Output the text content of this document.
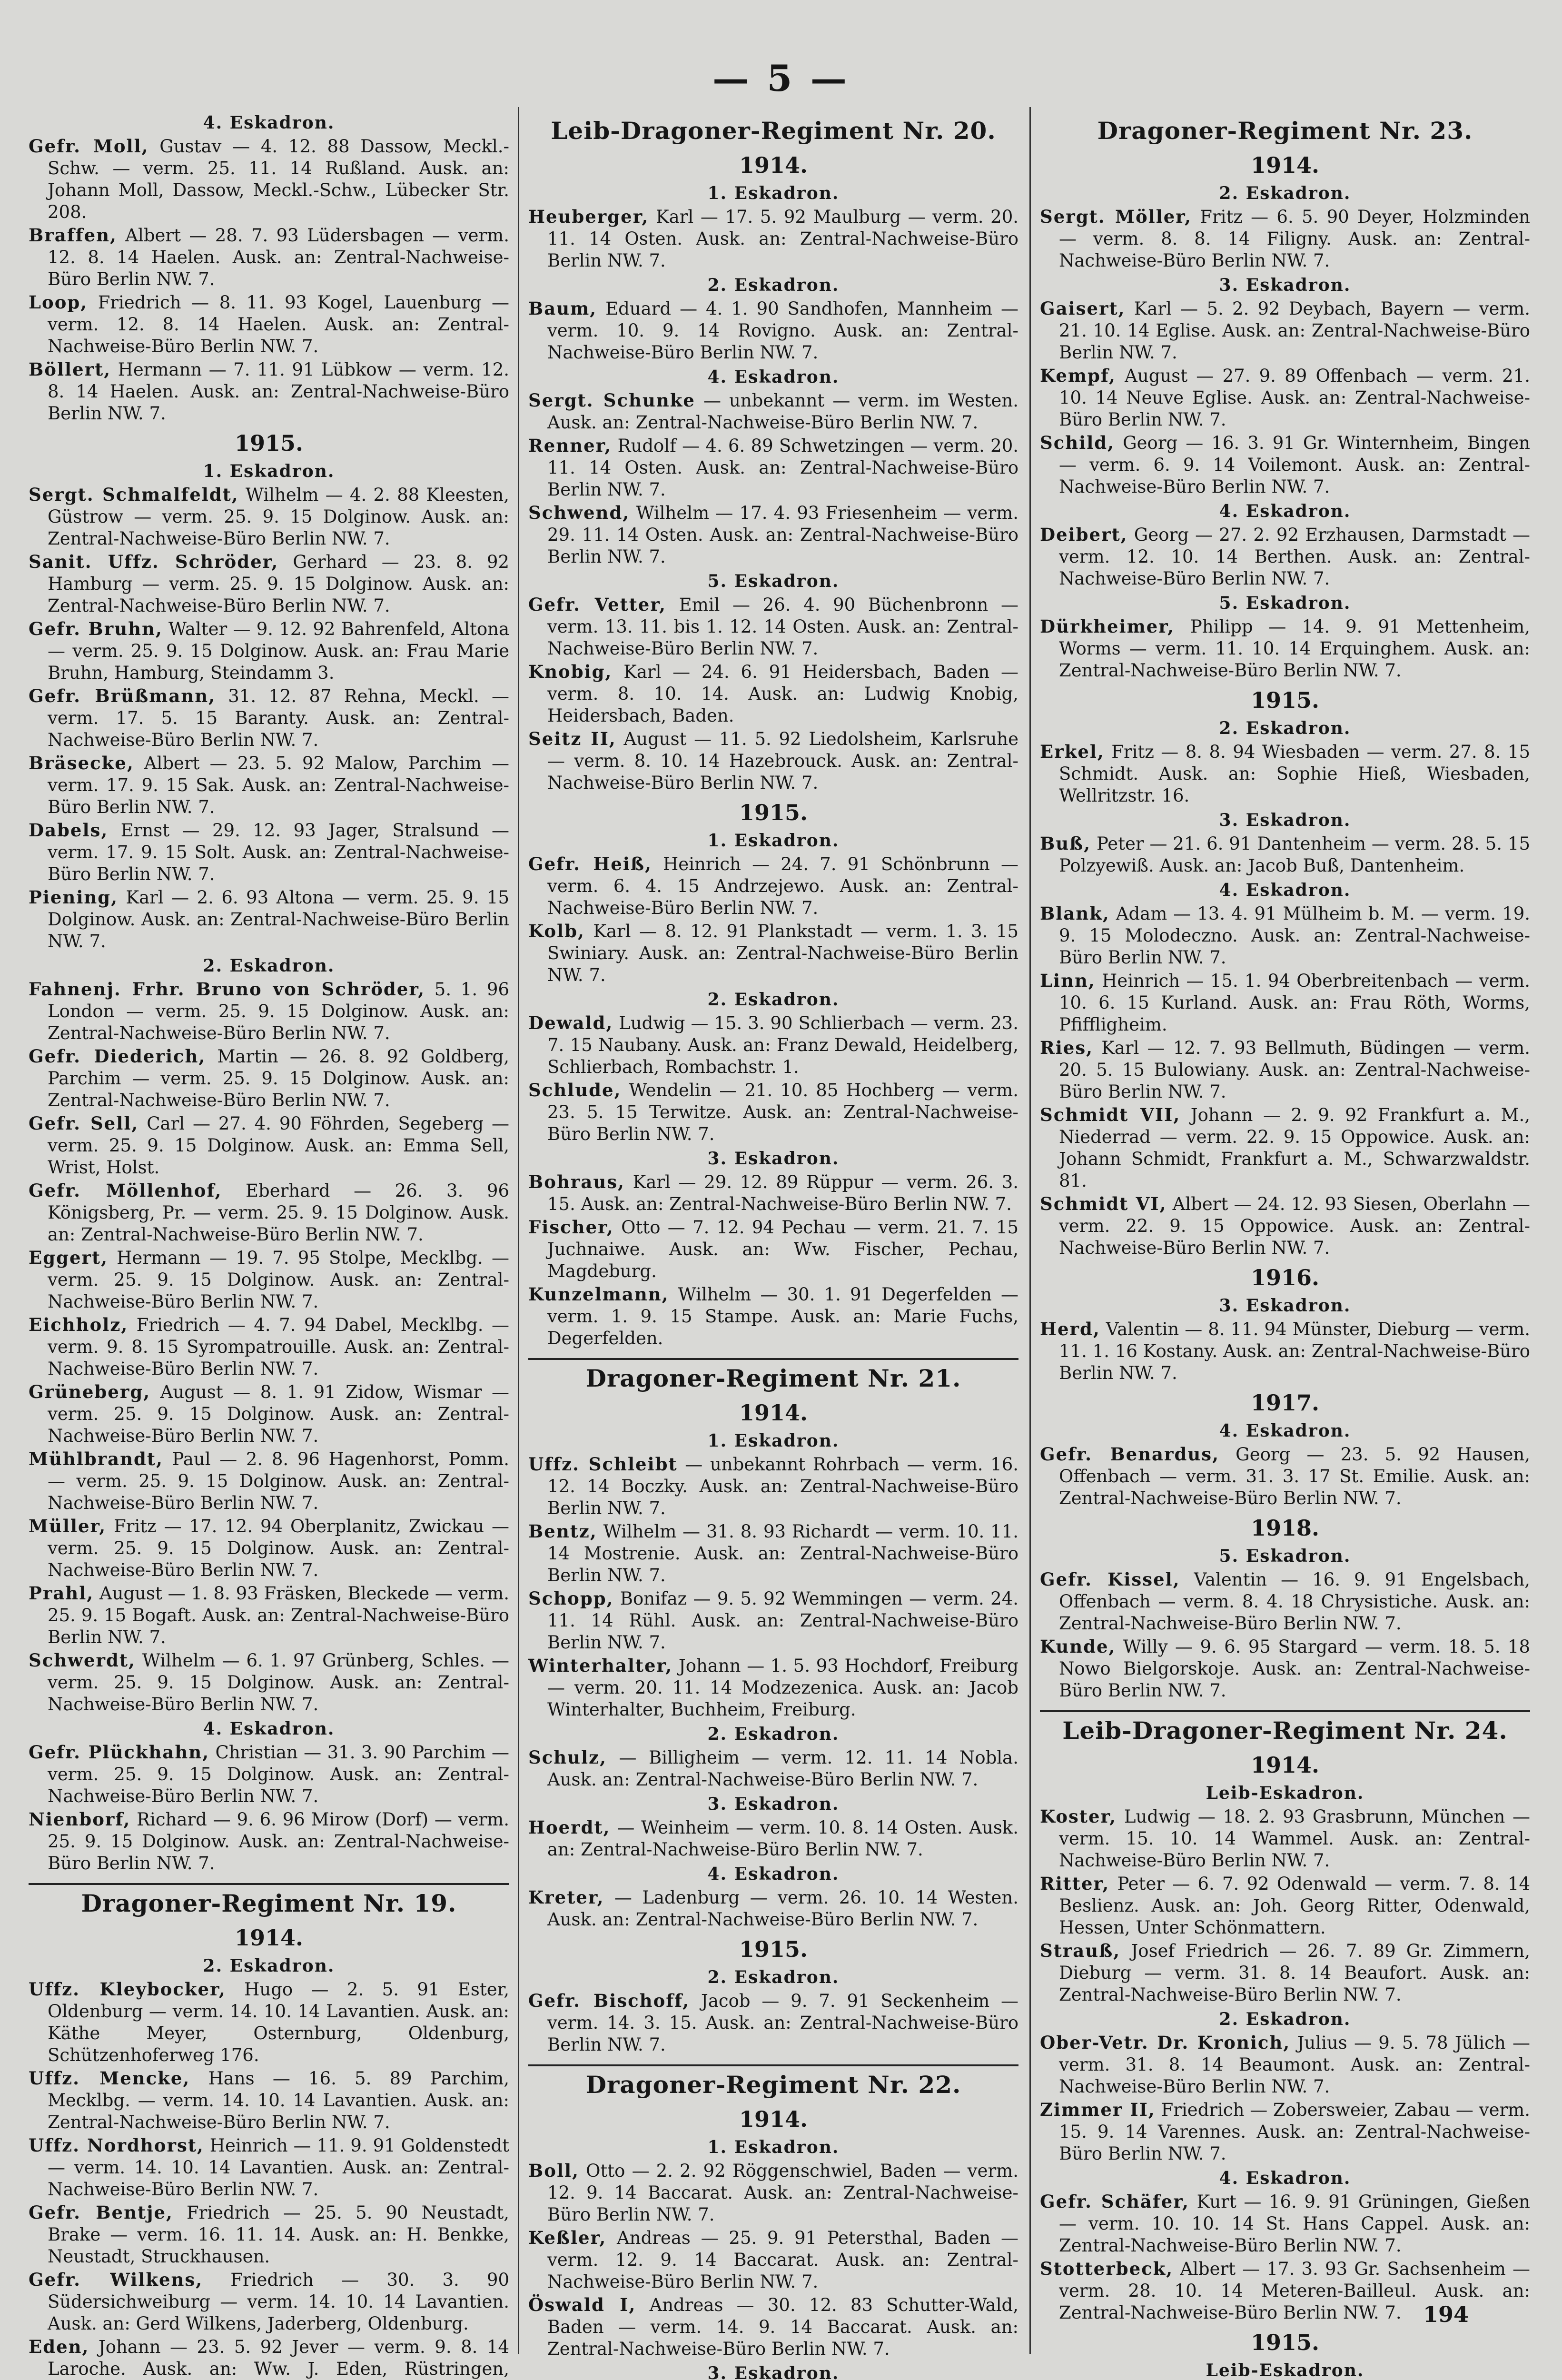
— 5 —
4. Eskadron.
Gefr. Moll, Gustav — 4. 12. 88 Dassow, Meckl.-Schw. — verm. 25. 11. 14 Rußland. Ausk. an: Johann Moll, Dassow, Meckl.-Schw., Lübecker Str. 208.
Braffen, Albert — 28. 7. 93 Lüdersbagen — verm. 12. 8. 14 Haelen. Ausk. an: Zentral-Nachweise-Büro Berlin NW. 7.
Loop, Friedrich — 8. 11. 93 Kogel, Lauenburg — verm. 12. 8. 14 Haelen. Ausk. an: Zentral-Nachweise-Büro Berlin NW. 7.
Böllert, Hermann — 7. 11. 91 Lübkow — verm. 12. 8. 14 Haelen. Ausk. an: Zentral-Nachweise-Büro Berlin NW. 7.
1915.
1. Eskadron.
Sergt. Schmalfeldt, Wilhelm — 4. 2. 88 Kleesten, Güstrow — verm. 25. 9. 15 Dolginow. Ausk. an: Zentral-Nachweise-Büro Berlin NW. 7.
Sanit. Uffz. Schröder, Gerhard — 23. 8. 92 Hamburg — verm. 25. 9. 15 Dolginow. Ausk. an: Zentral-Nachweise-Büro Berlin NW. 7.
Gefr. Bruhn, Walter — 9. 12. 92 Bahrenfeld, Altona — verm. 25. 9. 15 Dolginow. Ausk. an: Frau Marie Bruhn, Hamburg, Steindamm 3.
Gefr. Brüßmann, 31. 12. 87 Rehna, Meckl. — verm. 17. 5. 15 Baranty. Ausk. an: Zentral-Nachweise-Büro Berlin NW. 7.
Bräsecke, Albert — 23. 5. 92 Malow, Parchim — verm. 17. 9. 15 Sak. Ausk. an: Zentral-Nachweise-Büro Berlin NW. 7.
Dabels, Ernst — 29. 12. 93 Jager, Stralsund — verm. 17. 9. 15 Solt. Ausk. an: Zentral-Nachweise-Büro Berlin NW. 7.
Piening, Karl — 2. 6. 93 Altona — verm. 25. 9. 15 Dolginow. Ausk. an: Zentral-Nachweise-Büro Berlin NW. 7.
2. Eskadron.
Fahnenj. Frhr. Bruno von Schröder, 5. 1. 96 London — verm. 25. 9. 15 Dolginow. Ausk. an: Zentral-Nachweise-Büro Berlin NW. 7.
Gefr. Diederich, Martin — 26. 8. 92 Goldberg, Parchim — verm. 25. 9. 15 Dolginow. Ausk. an: Zentral-Nachweise-Büro Berlin NW. 7.
Gefr. Sell, Carl — 27. 4. 90 Föhrden, Segeberg — verm. 25. 9. 15 Dolginow. Ausk. an: Emma Sell, Wrist, Holst.
Gefr. Möllenhof, Eberhard — 26. 3. 96 Königsberg, Pr. — verm. 25. 9. 15 Dolginow. Ausk. an: Zentral-Nachweise-Büro Berlin NW. 7.
Eggert, Hermann — 19. 7. 95 Stolpe, Mecklbg. — verm. 25. 9. 15 Dolginow. Ausk. an: Zentral-Nachweise-Büro Berlin NW. 7.
Eichholz, Friedrich — 4. 7. 94 Dabel, Mecklbg. — verm. 9. 8. 15 Syrompatrouille. Ausk. an: Zentral-Nachweise-Büro Berlin NW. 7.
Grüneberg, August — 8. 1. 91 Zidow, Wismar — verm. 25. 9. 15 Dolginow. Ausk. an: Zentral-Nachweise-Büro Berlin NW. 7.
Mühlbrandt, Paul — 2. 8. 96 Hagenhorst, Pomm. — verm. 25. 9. 15 Dolginow. Ausk. an: Zentral-Nachweise-Büro Berlin NW. 7.
Müller, Fritz — 17. 12. 94 Oberplanitz, Zwickau — verm. 25. 9. 15 Dolginow. Ausk. an: Zentral-Nachweise-Büro Berlin NW. 7.
Prahl, August — 1. 8. 93 Fräsken, Bleckede — verm. 25. 9. 15 Bogaft. Ausk. an: Zentral-Nachweise-Büro Berlin NW. 7.
Schwerdt, Wilhelm — 6. 1. 97 Grünberg, Schles. — verm. 25. 9. 15 Dolginow. Ausk. an: Zentral-Nachweise-Büro Berlin NW. 7.
4. Eskadron.
Gefr. Plückhahn, Christian — 31. 3. 90 Parchim — verm. 25. 9. 15 Dolginow. Ausk. an: Zentral-Nachweise-Büro Berlin NW. 7.
Nienborf, Richard — 9. 6. 96 Mirow (Dorf) — verm. 25. 9. 15 Dolginow. Ausk. an: Zentral-Nachweise-Büro Berlin NW. 7.
Dragoner-Regiment Nr. 19.
1914.
2. Eskadron.
Uffz. Kleybocker, Hugo — 2. 5. 91 Ester, Oldenburg — verm. 14. 10. 14 Lavantien. Ausk. an: Käthe Meyer, Osternburg, Oldenburg, Schützenhoferweg 176.
Uffz. Mencke, Hans — 16. 5. 89 Parchim, Mecklbg. — verm. 14. 10. 14 Lavantien. Ausk. an: Zentral-Nachweise-Büro Berlin NW. 7.
Uffz. Nordhorst, Heinrich — 11. 9. 91 Goldenstedt — verm. 14. 10. 14 Lavantien. Ausk. an: Zentral-Nachweise-Büro Berlin NW. 7.
Gefr. Bentje, Friedrich — 25. 5. 90 Neustadt, Brake — verm. 16. 11. 14. Ausk. an: H. Benkke, Neustadt, Struckhausen.
Gefr. Wilkens, Friedrich — 30. 3. 90 Südersichweiburg — verm. 14. 10. 14 Lavantien. Ausk. an: Gerd Wilkens, Jaderberg, Oldenburg.
Eden, Johann — 23. 5. 92 Jever — verm. 9. 8. 14 Laroche. Ausk. an: Ww. J. Eden, Rüstringen,
Leib-Dragoner-Regiment Nr. 20.
1914.
1. Eskadron.
Heuberger, Karl — 17. 5. 92 Maulburg — verm. 20. 11. 14 Osten. Ausk. an: Zentral-Nachweise-Büro Berlin NW. 7.
2. Eskadron.
Baum, Eduard — 4. 1. 90 Sandhofen, Mannheim — verm. 10. 9. 14 Rovigno. Ausk. an: Zentral-Nachweise-Büro Berlin NW. 7.
4. Eskadron.
Sergt. Schunke — unbekannt — verm. im Westen. Ausk. an: Zentral-Nachweise-Büro Berlin NW. 7.
Renner, Rudolf — 4. 6. 89 Schwetzingen — verm. 20. 11. 14 Osten. Ausk. an: Zentral-Nachweise-Büro Berlin NW. 7.
Schwend, Wilhelm — 17. 4. 93 Friesenheim — verm. 29. 11. 14 Osten. Ausk. an: Zentral-Nachweise-Büro Berlin NW. 7.
5. Eskadron.
Gefr. Vetter, Emil — 26. 4. 90 Büchenbronn — verm. 13. 11. bis 1. 12. 14 Osten. Ausk. an: Zentral-Nachweise-Büro Berlin NW. 7.
Knobig, Karl — 24. 6. 91 Heidersbach, Baden — verm. 8. 10. 14. Ausk. an: Ludwig Knobig, Heidersbach, Baden.
Seitz II, August — 11. 5. 92 Liedolsheim, Karlsruhe — verm. 8. 10. 14 Hazebrouck. Ausk. an: Zentral-Nachweise-Büro Berlin NW. 7.
1915.
1. Eskadron.
Gefr. Heiß, Heinrich — 24. 7. 91 Schönbrunn — verm. 6. 4. 15 Andrzejewo. Ausk. an: Zentral-Nachweise-Büro Berlin NW. 7.
Kolb, Karl — 8. 12. 91 Plankstadt — verm. 1. 3. 15 Swiniary. Ausk. an: Zentral-Nachweise-Büro Berlin NW. 7.
2. Eskadron.
Dewald, Ludwig — 15. 3. 90 Schlierbach — verm. 23. 7. 15 Naubany. Ausk. an: Franz Dewald, Heidelberg, Schlierbach, Rombachstr. 1.
Schlude, Wendelin — 21. 10. 85 Hochberg — verm. 23. 5. 15 Terwitze. Ausk. an: Zentral-Nachweise-Büro Berlin NW. 7.
3. Eskadron.
Bohraus, Karl — 29. 12. 89 Rüppur — verm. 26. 3. 15. Ausk. an: Zentral-Nachweise-Büro Berlin NW. 7.
Fischer, Otto — 7. 12. 94 Pechau — verm. 21. 7. 15 Juchnaiwe. Ausk. an: Ww. Fischer, Pechau, Magdeburg.
Kunzelmann, Wilhelm — 30. 1. 91 Degerfelden — verm. 1. 9. 15 Stampe. Ausk. an: Marie Fuchs, Degerfelden.
Dragoner-Regiment Nr. 21.
1914.
1. Eskadron.
Uffz. Schleibt — unbekannt Rohrbach — verm. 16. 12. 14 Boczky. Ausk. an: Zentral-Nachweise-Büro Berlin NW. 7.
Bentz, Wilhelm — 31. 8. 93 Richardt — verm. 10. 11. 14 Mostrenie. Ausk. an: Zentral-Nachweise-Büro Berlin NW. 7.
Schopp, Bonifaz — 9. 5. 92 Wemmingen — verm. 24. 11. 14 Rühl. Ausk. an: Zentral-Nachweise-Büro Berlin NW. 7.
Winterhalter, Johann — 1. 5. 93 Hochdorf, Freiburg — verm. 20. 11. 14 Modzezenica. Ausk. an: Jacob Winterhalter, Buchheim, Freiburg.
2. Eskadron.
Schulz, — Billigheim — verm. 12. 11. 14 Nobla. Ausk. an: Zentral-Nachweise-Büro Berlin NW. 7.
3. Eskadron.
Hoerdt, — Weinheim — verm. 10. 8. 14 Osten. Ausk. an: Zentral-Nachweise-Büro Berlin NW. 7.
4. Eskadron.
Kreter, — Ladenburg — verm. 26. 10. 14 Westen. Ausk. an: Zentral-Nachweise-Büro Berlin NW. 7.
1915.
2. Eskadron.
Gefr. Bischoff, Jacob — 9. 7. 91 Seckenheim — verm. 14. 3. 15. Ausk. an: Zentral-Nachweise-Büro Berlin NW. 7.
Dragoner-Regiment Nr. 22.
1914.
1. Eskadron.
Boll, Otto — 2. 2. 92 Röggenschwiel, Baden — verm. 12. 9. 14 Baccarat. Ausk. an: Zentral-Nachweise-Büro Berlin NW. 7.
Keßler, Andreas — 25. 9. 91 Petersthal, Baden — verm. 12. 9. 14 Baccarat. Ausk. an: Zentral-Nachweise-Büro Berlin NW. 7.
Öswald I, Andreas — 30. 12. 83 Schutter-Wald, Baden — verm. 14. 9. 14 Baccarat. Ausk. an: Zentral-Nachweise-Büro Berlin NW. 7.
3. Eskadron.
Dragoner-Regiment Nr. 23.
1914.
2. Eskadron.
Sergt. Möller, Fritz — 6. 5. 90 Deyer, Holzminden — verm. 8. 8. 14 Filigny. Ausk. an: Zentral-Nachweise-Büro Berlin NW. 7.
3. Eskadron.
Gaisert, Karl — 5. 2. 92 Deybach, Bayern — verm. 21. 10. 14 Eglise. Ausk. an: Zentral-Nachweise-Büro Berlin NW. 7.
Kempf, August — 27. 9. 89 Offenbach — verm. 21. 10. 14 Neuve Eglise. Ausk. an: Zentral-Nachweise-Büro Berlin NW. 7.
Schild, Georg — 16. 3. 91 Gr. Winternheim, Bingen — verm. 6. 9. 14 Voilemont. Ausk. an: Zentral-Nachweise-Büro Berlin NW. 7.
4. Eskadron.
Deibert, Georg — 27. 2. 92 Erzhausen, Darmstadt — verm. 12. 10. 14 Berthen. Ausk. an: Zentral-Nachweise-Büro Berlin NW. 7.
5. Eskadron.
Dürkheimer, Philipp — 14. 9. 91 Mettenheim, Worms — verm. 11. 10. 14 Erquinghem. Ausk. an: Zentral-Nachweise-Büro Berlin NW. 7.
1915.
2. Eskadron.
Erkel, Fritz — 8. 8. 94 Wiesbaden — verm. 27. 8. 15 Schmidt. Ausk. an: Sophie Hieß, Wiesbaden, Wellritzstr. 16.
3. Eskadron.
Buß, Peter — 21. 6. 91 Dantenheim — verm. 28. 5. 15 Polzyewiß. Ausk. an: Jacob Buß, Dantenheim.
4. Eskadron.
Blank, Adam — 13. 4. 91 Mülheim b. M. — verm. 19. 9. 15 Molodeczno. Ausk. an: Zentral-Nachweise-Büro Berlin NW. 7.
Linn, Heinrich — 15. 1. 94 Oberbreitenbach — verm. 10. 6. 15 Kurland. Ausk. an: Frau Röth, Worms, Pfiffligheim.
Ries, Karl — 12. 7. 93 Bellmuth, Büdingen — verm. 20. 5. 15 Bulowiany. Ausk. an: Zentral-Nachweise-Büro Berlin NW. 7.
Schmidt VII, Johann — 2. 9. 92 Frankfurt a. M., Niederrad — verm. 22. 9. 15 Oppowice. Ausk. an: Johann Schmidt, Frankfurt a. M., Schwarzwaldstr. 81.
Schmidt VI, Albert — 24. 12. 93 Siesen, Oberlahn — verm. 22. 9. 15 Oppowice. Ausk. an: Zentral-Nachweise-Büro Berlin NW. 7.
1916.
3. Eskadron.
Herd, Valentin — 8. 11. 94 Münster, Dieburg — verm. 11. 1. 16 Kostany. Ausk. an: Zentral-Nachweise-Büro Berlin NW. 7.
1917.
4. Eskadron.
Gefr. Benardus, Georg — 23. 5. 92 Hausen, Offenbach — verm. 31. 3. 17 St. Emilie. Ausk. an: Zentral-Nachweise-Büro Berlin NW. 7.
1918.
5. Eskadron.
Gefr. Kissel, Valentin — 16. 9. 91 Engelsbach, Offenbach — verm. 8. 4. 18 Chrysistiche. Ausk. an: Zentral-Nachweise-Büro Berlin NW. 7.
Kunde, Willy — 9. 6. 95 Stargard — verm. 18. 5. 18 Nowo Bielgorskoje. Ausk. an: Zentral-Nachweise-Büro Berlin NW. 7.
Leib-Dragoner-Regiment Nr. 24.
1914.
Leib-Eskadron.
Koster, Ludwig — 18. 2. 93 Grasbrunn, München — verm. 15. 10. 14 Wammel. Ausk. an: Zentral-Nachweise-Büro Berlin NW. 7.
Ritter, Peter — 6. 7. 92 Odenwald — verm. 7. 8. 14 Beslienz. Ausk. an: Joh. Georg Ritter, Odenwald, Hessen, Unter Schönmattern.
Strauß, Josef Friedrich — 26. 7. 89 Gr. Zimmern, Dieburg — verm. 31. 8. 14 Beaufort. Ausk. an: Zentral-Nachweise-Büro Berlin NW. 7.
2. Eskadron.
Ober-Vetr. Dr. Kronich, Julius — 9. 5. 78 Jülich — verm. 31. 8. 14 Beaumont. Ausk. an: Zentral-Nachweise-Büro Berlin NW. 7.
Zimmer II, Friedrich — Zobersweier, Zabau — verm. 15. 9. 14 Varennes. Ausk. an: Zentral-Nachweise-Büro Berlin NW. 7.
4. Eskadron.
Gefr. Schäfer, Kurt — 16. 9. 91 Grüningen, Gießen — verm. 10. 10. 14 St. Hans Cappel. Ausk. an: Zentral-Nachweise-Büro Berlin NW. 7.
Stotterbeck, Albert — 17. 3. 93 Gr. Sachsenheim — verm. 28. 10. 14 Meteren-Bailleul. Ausk. an: Zentral-Nachweise-Büro Berlin NW. 7.
1915.
Leib-Eskadron.
194
